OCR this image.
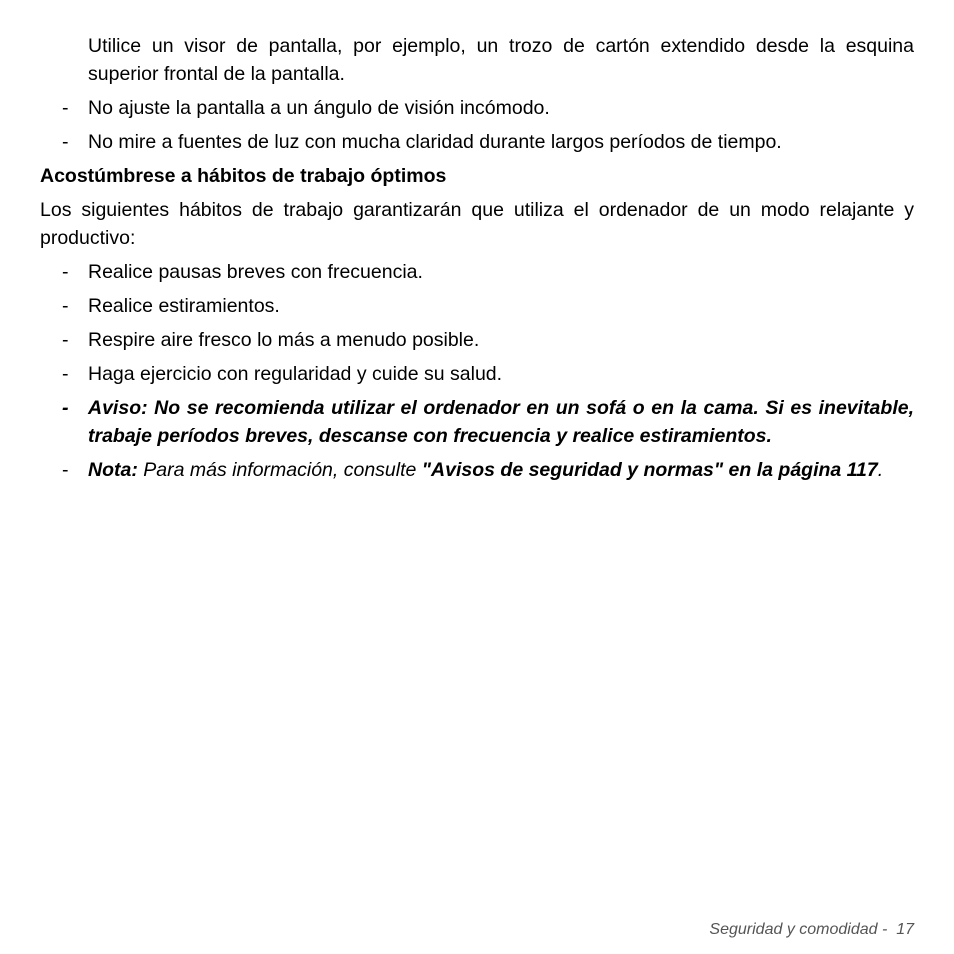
Utilice un visor de pantalla, por ejemplo, un trozo de cartón extendido desde la esquina superior frontal de la pantalla.

- No ajuste la pantalla a un ángulo de visión incómodo.

- No mire a fuentes de luz con mucha claridad durante largos períodos de tiempo.

Acostúmbrese a hábitos de trabajo óptimos

Los siguientes hábitos de trabajo garantizarán que utiliza el ordenador de un modo relajante y productivo:

- Realice pausas breves con frecuencia.

- Realice estiramientos.

- Respire aire fresco lo más a menudo posible.

- Haga ejercicio con regularidad y cuide su salud.

- Aviso: No se recomienda utilizar el ordenador en un sofá o en la cama. Si es inevitable, trabaje períodos breves, descanse con frecuencia y realice estiramientos.

- Nota: Para más información, consulte "Avisos de seguridad y normas" en la página 117.

Seguridad y comodidad -  17
